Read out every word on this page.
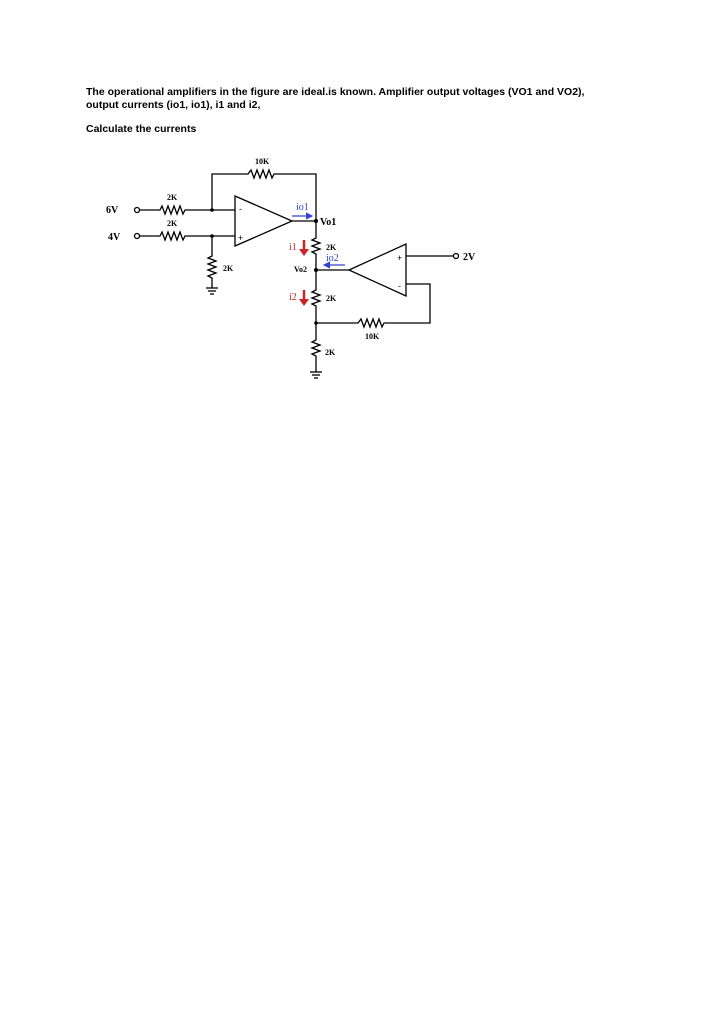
The operational amplifiers in the figure are ideal.is known. Amplifier output voltages (VO1 and VO2),

output currents (io1, io1), i1 and i2,

Calculate the currents
-
+
6V
2K
10K
4V
2K
2K
Vo1
io1
2K
i1
Vo2
+
-
io2	2V
2K
i2
10K
2K
